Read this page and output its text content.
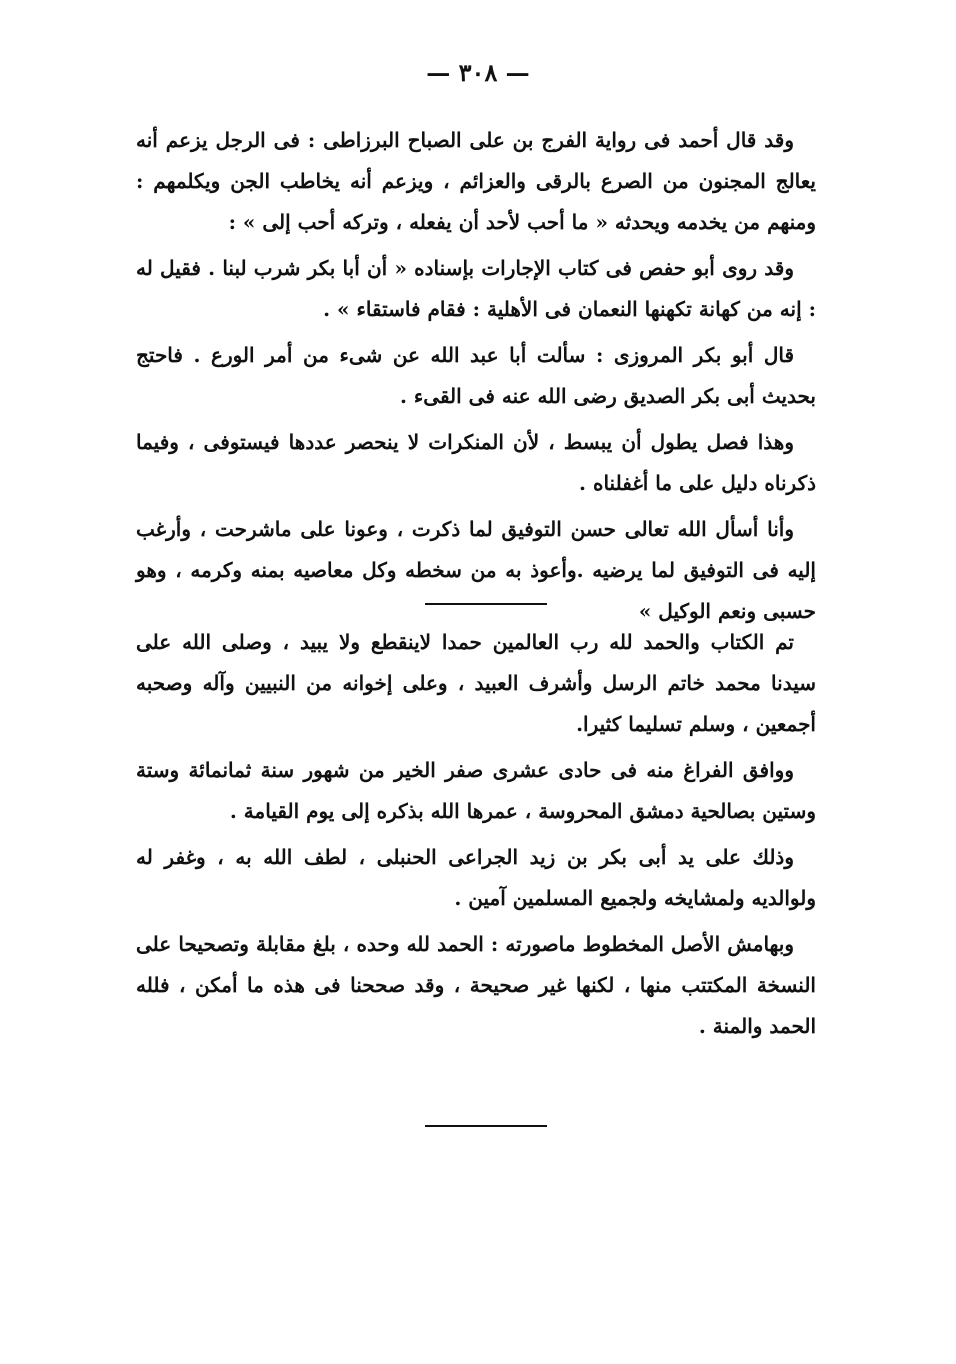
— ٣٠٨ —

وقد قال أحمد فى رواية الفرج بن على الصباح البرزاطى : فى الرجل يزعم أنه يعالج المجنون من الصرع بالرقى والعزائم ، ويزعم أنه يخاطب الجن ويكلمهم : ومنهم من يخدمه ويحدثه « ما أحب لأحد أن يفعله ، وتركه أحب إلى » :

وقد روى أبو حفص فى كتاب الإجارات بإسناده « أن أبا بكر شرب لبنا . فقيل له : إنه من كهانة تكهنها النعمان فى الأهلية : فقام فاستقاء » .

قال أبو بكر المروزى : سألت أبا عبد الله عن شىء من أمر الورع . فاحتج بحديث أبى بكر الصديق رضى الله عنه فى القىء .

وهذا فصل يطول أن يبسط ، لأن المنكرات لا ينحصر عددها فيستوفى ، وفيما ذكرناه دليل على ما أغفلناه .

وأنا أسأل الله تعالى حسن التوفيق لما ذكرت ، وعونا على ماشرحت ، وأرغب إليه فى التوفيق لما يرضيه .وأعوذ به من سخطه وكل معاصيه بمنه وكرمه ، وهو حسبى ونعم الوكيل »

تم الكتاب والحمد لله رب العالمين حمدا لاينقطع ولا يبيد ، وصلى الله على سيدنا محمد خاتم الرسل وأشرف العبيد ، وعلى إخوانه من النبيين وآله وصحبه أجمعين ، وسلم تسليما كثيرا.

ووافق الفراغ منه فى حادى عشرى صفر الخير من شهور سنة ثمانمائة وستة وستين بصالحية دمشق المحروسة ، عمرها الله بذكره إلى يوم القيامة .

وذلك على يد أبى بكر بن زيد الجراعى الحنبلى ، لطف الله به ، وغفر له ولوالديه ولمشايخه ولجميع المسلمين آمين .

وبهامش الأصل المخطوط ماصورته : الحمد لله وحده ، بلغ مقابلة وتصحيحا على النسخة المكتتب منها ، لكنها غير صحيحة ، وقد صححنا فى هذه ما أمكن ، فلله الحمد والمنة .
